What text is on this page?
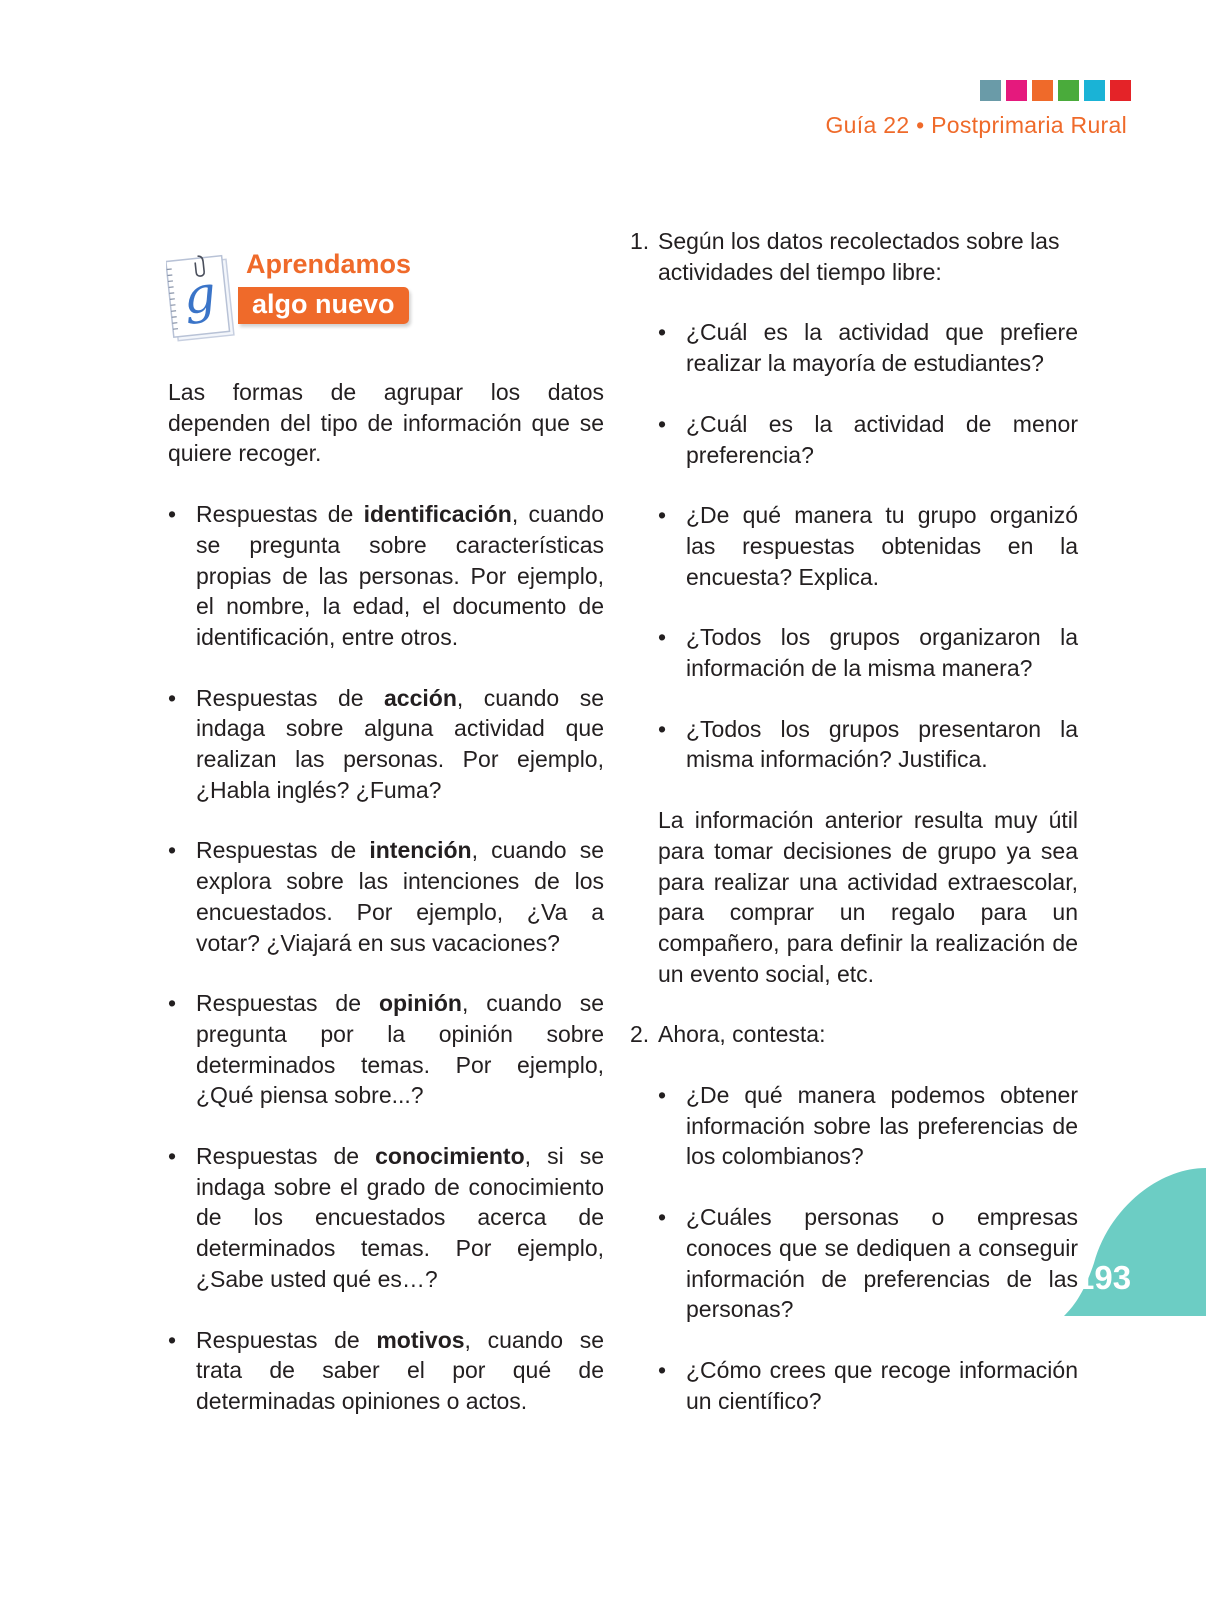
Guía 22 • Postprimaria Rural
g
Aprendamos
algo nuevo

Las formas de agrupar los datos dependen del tipo de información que se quiere recoger.

• Respuestas de identificación, cuando se pregunta sobre características propias de las personas. Por ejemplo, el nombre, la edad, el documento de identificación, entre otros.
• Respuestas de acción, cuando se indaga sobre alguna actividad que realizan las personas. Por ejemplo, ¿Habla inglés? ¿Fuma?
• Respuestas de intención, cuando se explora sobre las intenciones de los encuestados. Por ejemplo, ¿Va a votar? ¿Viajará en sus vacaciones?
• Respuestas de opinión, cuando se pregunta por la opinión sobre determinados temas. Por ejemplo, ¿Qué piensa sobre...?
• Respuestas de conocimiento, si se indaga sobre el grado de conocimiento de los encuestados acerca de determinados temas. Por ejemplo, ¿Sabe usted qué es…?
• Respuestas de motivos, cuando se trata de saber el por qué de determinadas opiniones o actos.
1. Según los datos recolectados sobre las actividades del tiempo libre:
• ¿Cuál es la actividad que prefiere realizar la mayoría de estudiantes?
• ¿Cuál es la actividad de menor preferencia?
• ¿De qué manera tu grupo organizó las respuestas obtenidas en la encuesta? Explica.
• ¿Todos los grupos organizaron la información de la misma manera?
• ¿Todos los grupos presentaron la misma información? Justifica.

La información anterior resulta muy útil para tomar decisiones de grupo ya sea para realizar una actividad extraescolar, para comprar un regalo para un compañero, para definir la realización de un evento social, etc.

2. Ahora, contesta:
• ¿De qué manera podemos obtener información sobre las preferencias de los colombianos?
• ¿Cuáles personas o empresas conoces que se dediquen a conseguir información de preferencias de las personas?
• ¿Cómo crees que recoge información un científico?
193
